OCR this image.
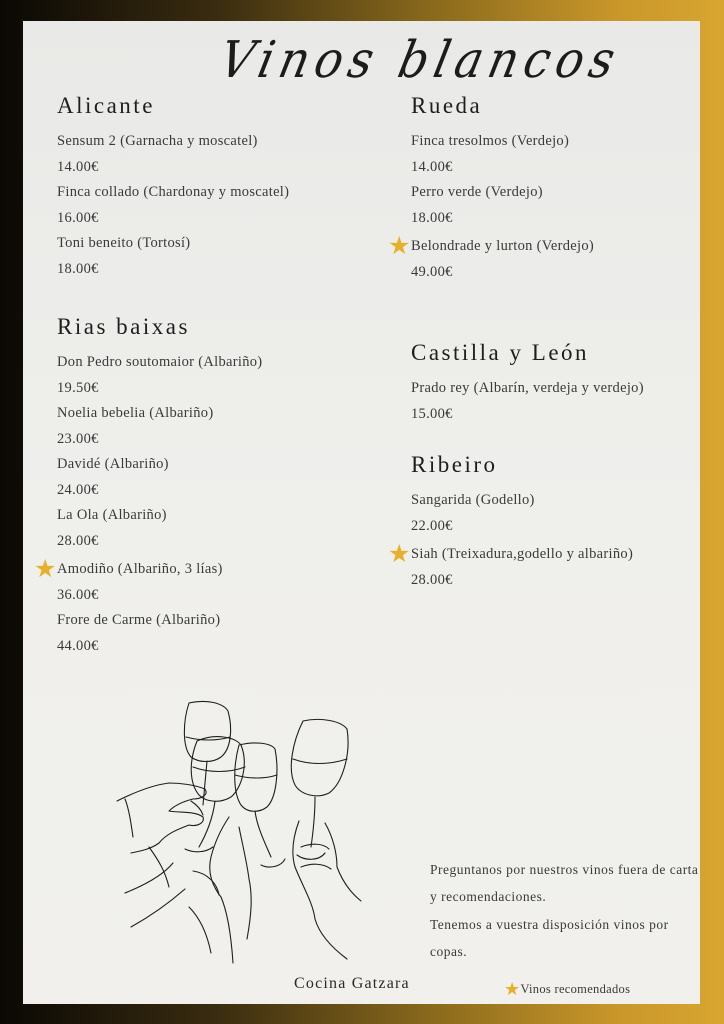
Vinos blancos
Alicante
Sensum 2 (Garnacha y moscatel)
14.00€
Finca collado (Chardonay y moscatel)
16.00€
Toni beneito (Tortosí)
18.00€
Rias baixas
Don Pedro soutomaior (Albariño)
19.50€
Noelia bebelia (Albariño)
23.00€
Davidé (Albariño)
24.00€
La Ola (Albariño)
28.00€
★ Amodiño (Albariño, 3 lías)
36.00€
Frore de Carme (Albariño)
44.00€
Rueda
Finca tresolmos (Verdejo)
14.00€
Perro verde (Verdejo)
18.00€
★ Belondrade y lurton (Verdejo)
49.00€
Castilla y León
Prado rey (Albarín, verdeja y verdejo)
15.00€
Ribeiro
Sangarida (Godello)
22.00€
★ Siah (Treixadura,godello y albariño)
28.00€

Preguntanos por nuestros vinos fuera de carta y recomendaciones.

Tenemos a vuestra disposición vinos por copas.

Cocina Gatzara	★Vinos recomendados
